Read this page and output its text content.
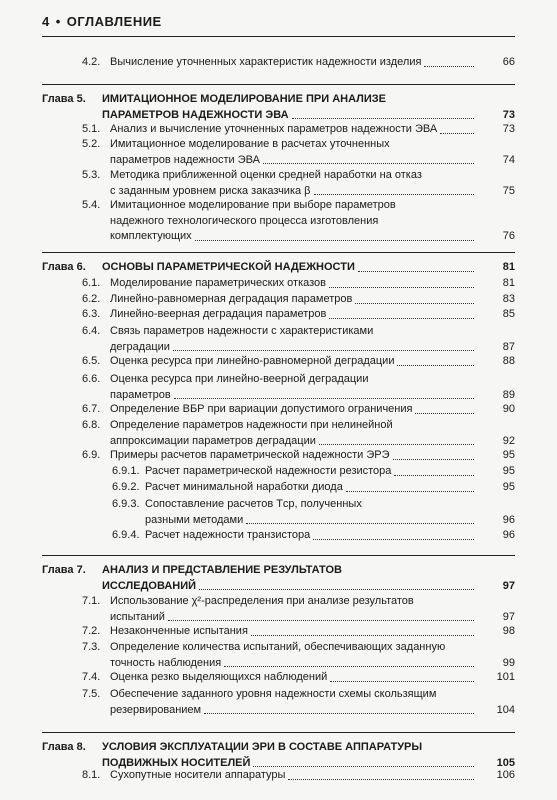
4 • ОГЛАВЛЕНИЕ
4.2. Вычисление уточненных характеристик надежности изделия	66
Глава 5. ИМИТАЦИОННОЕ МОДЕЛИРОВАНИЕ ПРИ АНАЛИЗЕ
ПАРАМЕТРОВ НАДЕЖНОСТИ ЭВА	73
5.1. Анализ и вычисление уточненных параметров надежности ЭВА	73
5.2. Имитационное моделирование в расчетах уточненных
параметров надежности ЭВА	74
5.3. Методика приближенной оценки средней наработки на отказ
с заданным уровнем риска заказчика β	75
5.4. Имитационное моделирование при выборе параметров
надежного технологического процесса изготовления
комплектующих	76
Глава 6. ОСНОВЫ ПАРАМЕТРИЧЕСКОЙ НАДЕЖНОСТИ	81
6.1. Моделирование параметрических отказов	81
6.2. Линейно-равномерная деградация параметров	83
6.3. Линейно-веерная деградация параметров	85
6.4. Связь параметров надежности с характеристиками
деградации	87
6.5. Оценка ресурса при линейно-равномерной деградации	88
6.6. Оценка ресурса при линейно-веерной деградации
параметров	89
6.7. Определение ВБР при вариации допустимого ограничения	90
6.8. Определение параметров надежности при нелинейной
аппроксимации параметров деградации	92
6.9. Примеры расчетов параметрической надежности ЭРЭ	95
6.9.1. Расчет параметрической надежности резистора	95
6.9.2. Расчет минимальной наработки диода	95
6.9.3. Сопоставление расчетов Tср, полученных
разными методами	96
6.9.4. Расчет надежности транзистора	96
Глава 7. АНАЛИЗ И ПРЕДСТАВЛЕНИЕ РЕЗУЛЬТАТОВ
ИССЛЕДОВАНИЙ	97
7.1. Использование χ²-распределения при анализе результатов
испытаний	97
7.2. Незаконченные испытания	98
7.3. Определение количества испытаний, обеспечивающих заданную
точность наблюдения	99
7.4. Оценка резко выделяющихся наблюдений	101
7.5. Обеспечение заданного уровня надежности схемы скользящим
резервированием	104
Глава 8. УСЛОВИЯ ЭКСПЛУАТАЦИИ ЭРИ В СОСТАВЕ АППАРАТУРЫ
ПОДВИЖНЫХ НОСИТЕЛЕЙ	105
8.1. Сухопутные носители аппаратуры	106
